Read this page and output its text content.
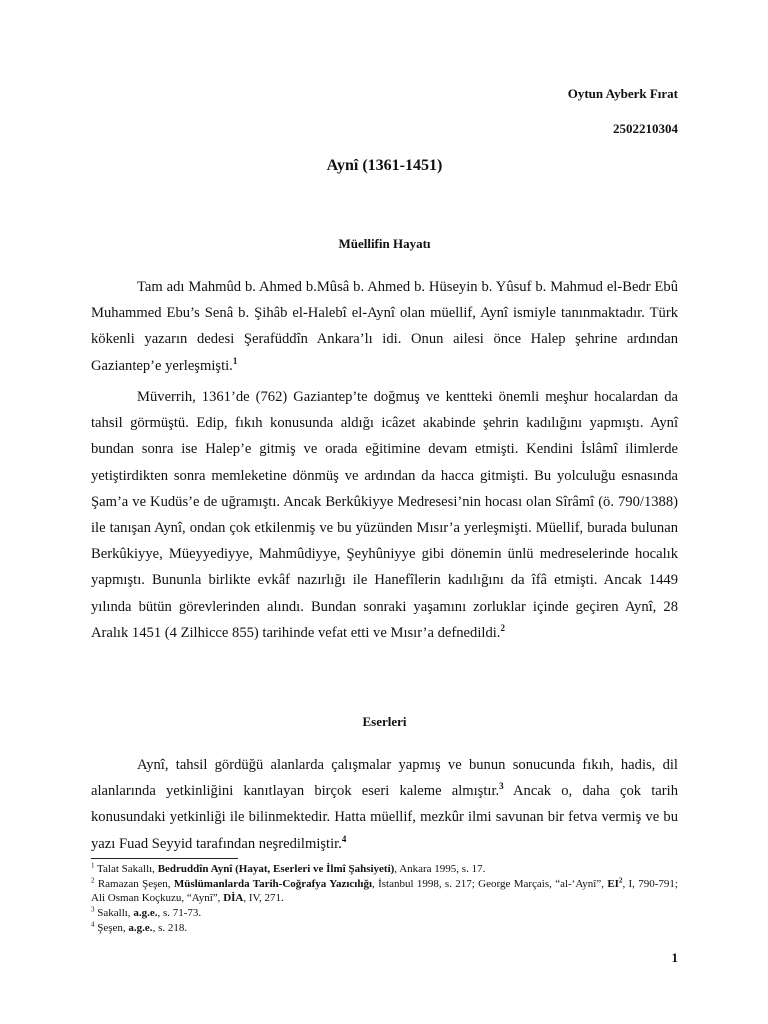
Oytun Ayberk Fırat
2502210304
Aynî (1361-1451)
Müellifin Hayatı

Tam adı Mahmûd b. Ahmed b.Mûsâ b. Ahmed b. Hüseyin b. Yûsuf b. Mahmud el-Bedr Ebû Muhammed Ebu’s Senâ b. Şihâb el-Halebî el-Aynî olan müellif, Aynî ismiyle tanınmaktadır. Türk kökenli yazarın dedesi Şerafüddîn Ankara’lı idi. Onun ailesi önce Halep şehrine ardından Gaziantep’e yerleşmişti.$^1$

Müverrih, 1361’de (762) Gaziantep’te doğmuş ve kentteki önemli meşhur hocalardan da tahsil görmüştü. Edip, fıkıh konusunda aldığı icâzet akabinde şehrin kadılığını yapmıştı. Aynî bundan sonra ise Halep’e gitmiş ve orada eğitimine devam etmişti. Kendini İslâmî ilimlerde yetiştirdikten sonra memleketine dönmüş ve ardından da hacca gitmişti. Bu yolculuğu esnasında Şam’a ve Kudüs’e de uğramıştı. Ancak Berkûkiyye Medresesi’nin hocası olan Sîrâmî (ö. 790/1388) ile tanışan Aynî, ondan çok etkilenmiş ve bu yüzünden Mısır’a yerleşmişti. Müellif, burada bulunan Berkûkiyye, Müeyyediyye, Mahmûdiyye, Şeyhûniyye gibi dönemin ünlü medreselerinde hocalık yapmıştı. Bununla birlikte evkâf nazırlığı ile Hanefîlerin kadılığını da îfâ etmişti. Ancak 1449 yılında bütün görevlerinden alındı. Bundan sonraki yaşamını zorluklar içinde geçiren Aynî, 28 Aralık 1451 (4 Zilhicce 855) tarihinde vefat etti ve Mısır’a defnedildi.$^2$

Eserleri

Aynî, tahsil gördüğü alanlarda çalışmalar yapmış ve bunun sonucunda fıkıh, hadis, dil alanlarında yetkinliğini kanıtlayan birçok eseri kaleme almıştır.$^3$ Ancak o, daha çok tarih konusundaki yetkinliği ile bilinmektedir. Hatta müellif, mezkûr ilmi savunan bir fetva vermiş ve bu yazı Fuad Seyyid tarafından neşredilmiştir.$^4$

$^1$ Talat Sakallı, Bedruddîn Aynî (Hayat, Eserleri ve İlmî Şahsiyeti), Ankara 1995, s. 17.

$^2$ Ramazan Şeşen, Müslümanlarda Tarih-Coğrafya Yazıcılığı, İstanbul 1998, s. 217; George Marçais, “al-‘Aynî”, $EI^2$, I, 790-791; Ali Osman Koçkuzu, “Aynî”, DİA, IV, 271.

$^3$ Sakallı, a.g.e., s. 71-73.

$^4$ Şeşen, a.g.e., s. 218.

1
